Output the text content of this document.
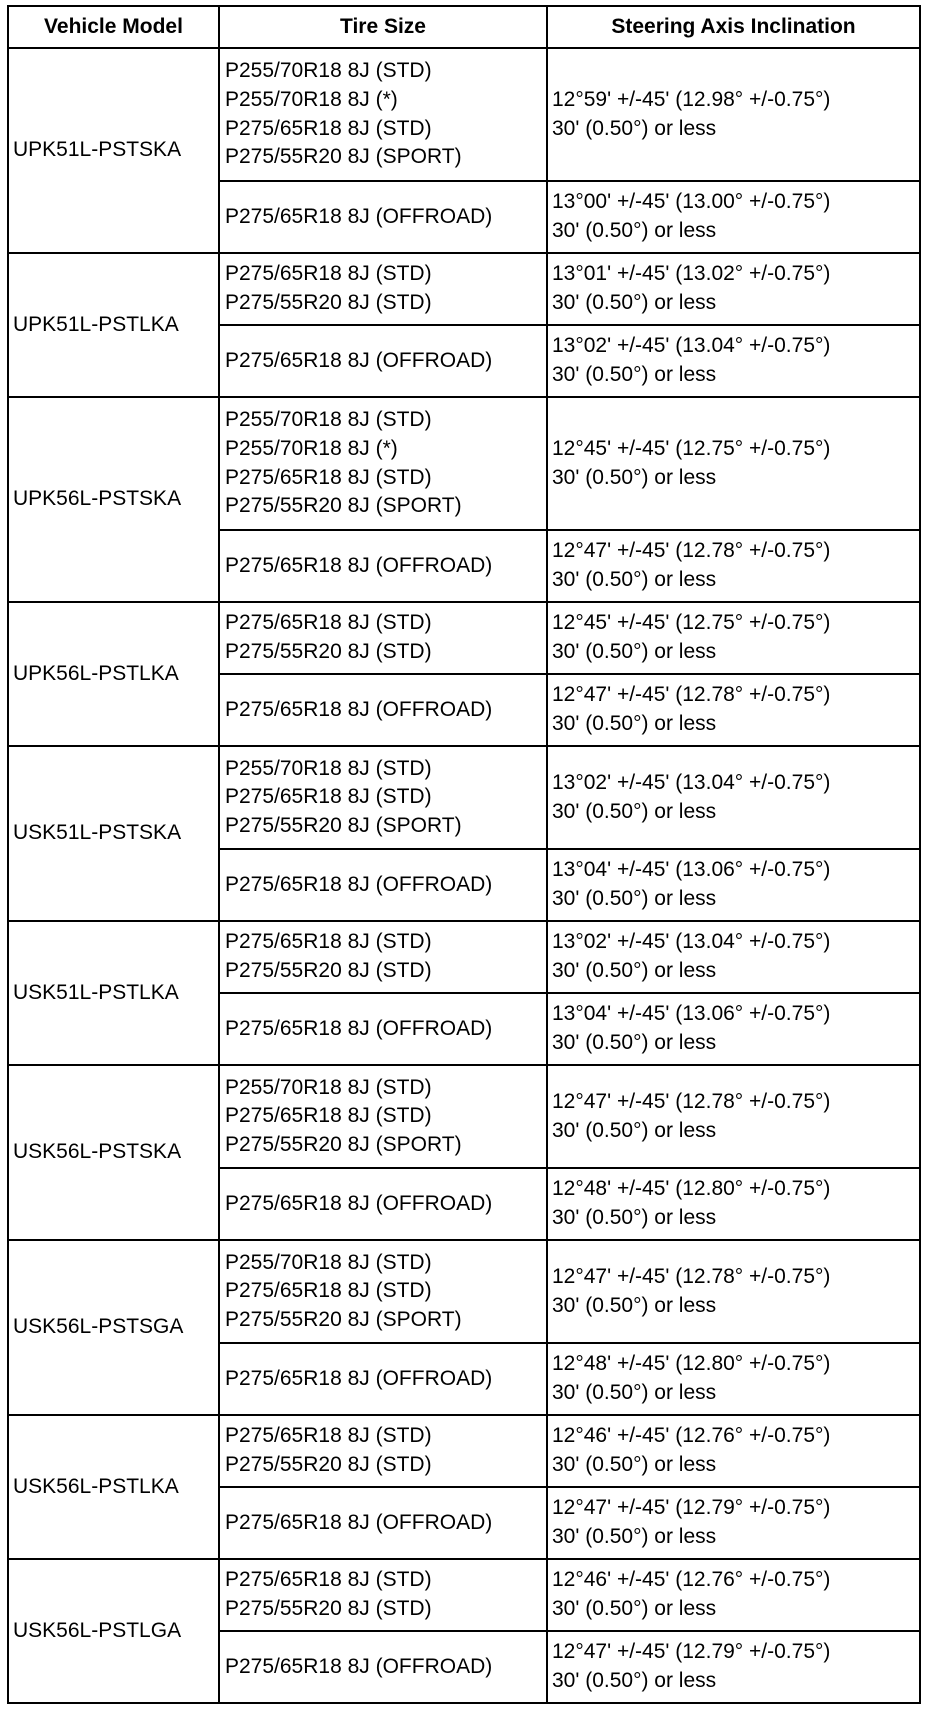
Vehicle Model	Tire Size	Steering Axis Inclination
UPK51L-PSTSKA	P255/70R18 8J (STD)
P255/70R18 8J (*)
P275/65R18 8J (STD)
P275/55R20 8J (SPORT)	12°59' +/-45' (12.98° +/-0.75°)
30' (0.50°) or less

	P275/65R18 8J (OFFROAD)	13°00' +/-45' (13.00° +/-0.75°)
30' (0.50°) or less

UPK51L-PSTLKA	P275/65R18 8J (STD)
P275/55R20 8J (STD)	13°01' +/-45' (13.02° +/-0.75°)
30' (0.50°) or less

	P275/65R18 8J (OFFROAD)	13°02' +/-45' (13.04° +/-0.75°)
30' (0.50°) or less

UPK56L-PSTSKA	P255/70R18 8J (STD)
P255/70R18 8J (*)
P275/65R18 8J (STD)
P275/55R20 8J (SPORT)	12°45' +/-45' (12.75° +/-0.75°)
30' (0.50°) or less

	P275/65R18 8J (OFFROAD)	12°47' +/-45' (12.78° +/-0.75°)
30' (0.50°) or less

UPK56L-PSTLKA	P275/65R18 8J (STD)
P275/55R20 8J (STD)	12°45' +/-45' (12.75° +/-0.75°)
30' (0.50°) or less

	P275/65R18 8J (OFFROAD)	12°47' +/-45' (12.78° +/-0.75°)
30' (0.50°) or less

USK51L-PSTSKA	P255/70R18 8J (STD)
P275/65R18 8J (STD)
P275/55R20 8J (SPORT)	13°02' +/-45' (13.04° +/-0.75°)
30' (0.50°) or less

	P275/65R18 8J (OFFROAD)	13°04' +/-45' (13.06° +/-0.75°)
30' (0.50°) or less

USK51L-PSTLKA	P275/65R18 8J (STD)
P275/55R20 8J (STD)	13°02' +/-45' (13.04° +/-0.75°)
30' (0.50°) or less

	P275/65R18 8J (OFFROAD)	13°04' +/-45' (13.06° +/-0.75°)
30' (0.50°) or less

USK56L-PSTSKA	P255/70R18 8J (STD)
P275/65R18 8J (STD)
P275/55R20 8J (SPORT)	12°47' +/-45' (12.78° +/-0.75°)
30' (0.50°) or less

	P275/65R18 8J (OFFROAD)	12°48' +/-45' (12.80° +/-0.75°)
30' (0.50°) or less

USK56L-PSTSGA	P255/70R18 8J (STD)
P275/65R18 8J (STD)
P275/55R20 8J (SPORT)	12°47' +/-45' (12.78° +/-0.75°)
30' (0.50°) or less

	P275/65R18 8J (OFFROAD)	12°48' +/-45' (12.80° +/-0.75°)
30' (0.50°) or less

USK56L-PSTLKA	P275/65R18 8J (STD)
P275/55R20 8J (STD)	12°46' +/-45' (12.76° +/-0.75°)
30' (0.50°) or less

	P275/65R18 8J (OFFROAD)	12°47' +/-45' (12.79° +/-0.75°)
30' (0.50°) or less

USK56L-PSTLGA	P275/65R18 8J (STD)
P275/55R20 8J (STD)	12°46' +/-45' (12.76° +/-0.75°)
30' (0.50°) or less

	P275/65R18 8J (OFFROAD)	12°47' +/-45' (12.79° +/-0.75°)
30' (0.50°) or less
